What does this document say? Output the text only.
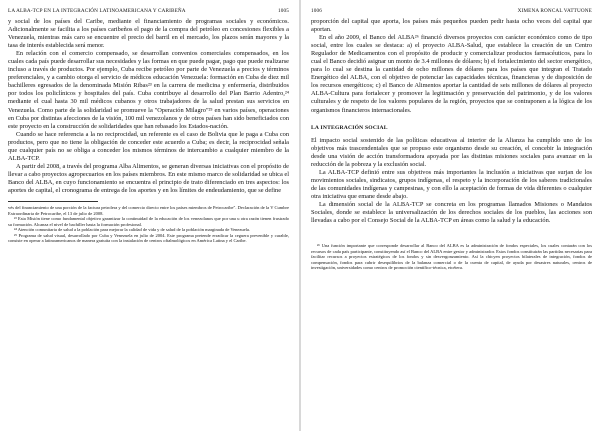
LA ALBA-TCP EN LA INTEGRACIÓN LATINOAMERICANA Y CARIBEÑA	1005

y social de los países del Caribe, mediante el financiamiento de programas sociales y económicos. Adicionalmente se facilita a los países caribeños el pago de la compra del petróleo en concesiones flexibles a Venezuela, mientras más caro se encuentre el precio del barril en el mercado, los plazos serán mayores y la tasa de interés establecida será menor.

En relación con el comercio compensado, se desarrollan convenios comerciales compensados, en los cuales cada país puede desarrollar sus necesidades y las formas en que puede pagar, pago que puede realizarse incluso a través de productos. Por ejemplo, Cuba recibe petróleo por parte de Venezuela a precios y términos preferenciales, y a cambio otorga el servicio de médicos educación Venezuela: formación en Cuba de diez mil bachilleres egresados de la denominada Misión Ribas²³ en la carrera de medicina y enfermería, distribuidos por todos los policlínicos y hospitales del país. Cuba contribuye al desarrollo del Plan Barrio Adentro,²⁴ mediante el cual hasta 30 mil médicos cubanos y otros trabajadores de la salud prestan sus servicios en Venezuela. Como parte de la solidaridad se promueve la "Operación Milagro"²⁵ en varios países, operaciones en Cuba por distintas afecciones de la visión, 100 mil venezolanos y de otros países han sido beneficiados con este proyecto en la construcción de solidaridades que han rebasado los Estados-nación.

Cuando se hace referencia a la no reciprocidad, un referente es el caso de Bolivia que le paga a Cuba con productos, pero que no tiene la obligación de conceder este acuerdo a Cuba; es decir, la reciprocidad señala que cualquier país no se obliga a conceder los mismos términos de intercambio a cualquier miembro de la ALBA-TCP.

A partir del 2008, a través del programa Alba Alimentos, se generan diversas iniciativas con el propósito de llevar a cabo proyectos agropecuarios en los países miembros. En este mismo marco de solidaridad se ubica el Banco del ALBA, en cuyo funcionamiento se encuentra el principio de trato diferenciado en tres aspectos: los aportes de capital, el cronograma de entrega de los aportes y en los límites de endeudamiento, que se define

vés del financiamiento de una porción de la factura petrolera y del comercio directo entre los países miembros de Petrocaribe". Declaración de la V Cumbre Extraordinaria de Petrocaribe, el 13 de julio de 2008.

²³ Esta Misión tiene como fundamental objetivo garantizar la continuidad de la educación de los venezolanos que por una u otra razón tienen frustrado su formación. Alcanza el nivel de bachiller hasta la formación profesional.

²⁴ Atención comunitaria de salud a la población para mejorar la calidad de vida y de salud de la población marginada de Venezuela.

²⁵ Programa de salud visual, desarrollado por Cuba y Venezuela en julio de 2004. Este programa pretende erradicar la ceguera prevenible y curable, consiste en operar a latinoamericanos de manera gratuita con la instalación de centros oftalmológicos en América Latina y el Caribe.

1006	XIMENA RONCAL VATTUONE

proporción del capital que aporta, los países más pequeños pueden pedir hasta ocho veces del capital que aportan.

En el año 2009, el Banco del ALBA²⁶ financió diversos proyectos con carácter económico como de tipo social, entre los cuales se destaca: a) el proyecto ALBA-Salud, que establece la creación de un Centro Regulador de Medicamentos con el propósito de producir y comercializar productos farmacéuticos, para lo cual el Banco decidió asignar un monto de 3.4 millones de dólares; b) el fortalecimiento del sector energético, para lo cual se destina la cantidad de ocho millones de dólares para los países que integran el Tratado Energético del ALBA, con el objetivo de potenciar las capacidades técnicas, financieras y de disposición de los recursos energéticos; c) el Banco de Alimentos aportar la cantidad de seis millones de dólares al proyecto ALBA-Cultura para fortalecer y promover la legitimación y preservación del patrimonio, y de los valores culturales y de respeto de los valores populares de la región, proyectos que se contraponen a la lógica de los organismos financieros internacionales.

LA INTEGRACIÓN SOCIAL

El impacto social sostenido de las políticas educativas al interior de la Alianza ha cumplido uno de los objetivos más trascendentales que se propuso este organismo desde su creación, el concebir la integración desde una visión de acción transformadora apoyada por las distintas misiones sociales para avanzar en la reducción de la pobreza y la exclusión social.

La ALBA-TCP definió entre sus objetivos más importantes la inclusión a iniciativas que surjan de los movimientos sociales, sindicatos, grupos indígenas, el respeto y la incorporación de los saberes tradicionales de las comunidades indígenas y campesinas, y con ello la aceptación de formas de vida diferentes o cualquier otra iniciativa que emane desde abajo.

La dimensión social de la ALBA-TCP se concreta en los programas llamados Misiones o Mandatos Sociales, donde se establece la universalización de los derechos sociales de los pueblos, las acciones son llevadas a cabo por el Consejo Social de la ALBA-TCP en áreas como la salud y la educación.

²⁶ Una función importante que corresponde desarrollar al Banco del ALBA es la administración de fondos especiales, los cuales contarán con los recursos de cada país participante, constituyendo así el Banco del ALBA entre gestor y administrador. Estos fondos constituirán las partidas necesarias para facilitar recursos a proyectos estratégicos de los fondos y sin desvergonzamiento. Así la chicyen proyectos bilaterales de integración, fondos de compensación, fondos para cubrir desequilibrios de la balanza comercial o de la cuenta de capital, de ayuda por desastres naturales, centros de investigación, universidades como centros de promoción científico-técnica, etcétera.
